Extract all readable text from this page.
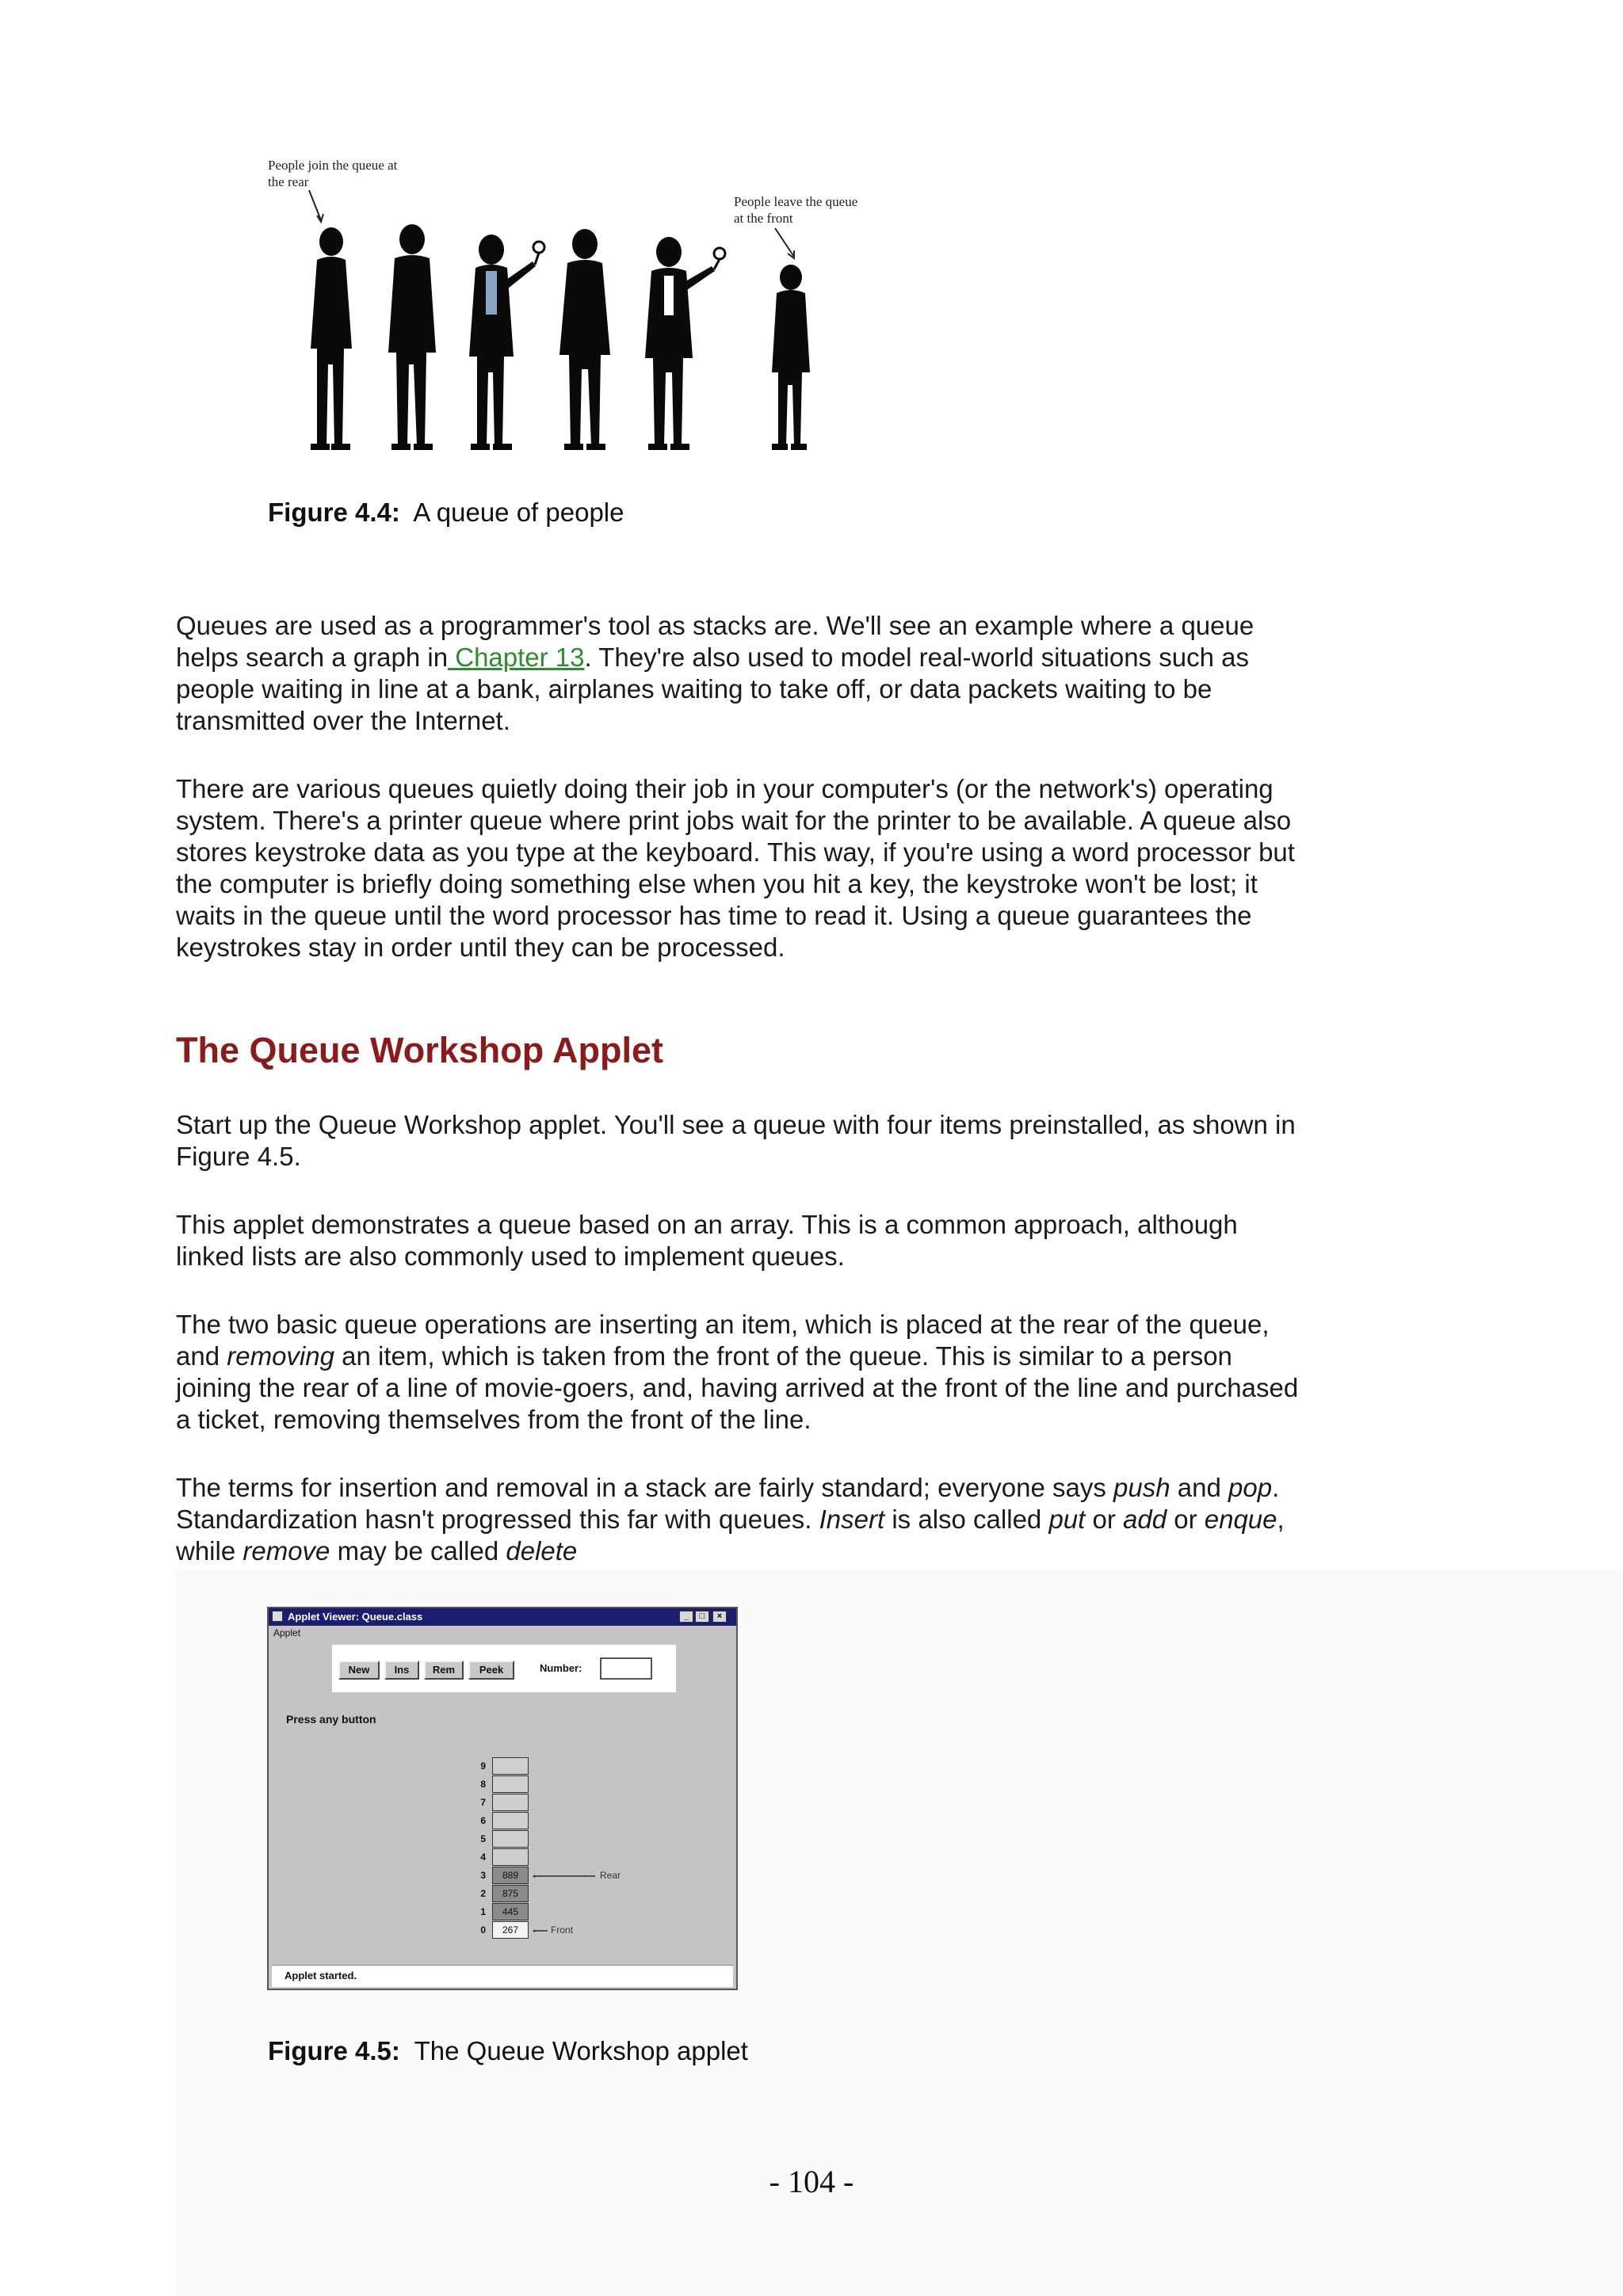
People join the queue at the rear
People leave the queue at the front
Figure 4.4: A queue of people

Queues are used as a programmer's tool as stacks are. We'll see an example where a queue helps search a graph in Chapter 13. They're also used to model real-world situations such as people waiting in line at a bank, airplanes waiting to take off, or data packets waiting to be transmitted over the Internet.

There are various queues quietly doing their job in your computer's (or the network's) operating system. There's a printer queue where print jobs wait for the printer to be available. A queue also stores keystroke data as you type at the keyboard. This way, if you're using a word processor but the computer is briefly doing something else when you hit a key, the keystroke won't be lost; it waits in the queue until the word processor has time to read it. Using a queue guarantees the keystrokes stay in order until they can be processed.

The Queue Workshop Applet

Start up the Queue Workshop applet. You'll see a queue with four items preinstalled, as shown in Figure 4.5.

This applet demonstrates a queue based on an array. This is a common approach, although linked lists are also commonly used to implement queues.

The two basic queue operations are inserting an item, which is placed at the rear of the queue, and removing an item, which is taken from the front of the queue. This is similar to a person joining the rear of a line of movie-goers, and, having arrived at the front of the line and purchased a ticket, removing themselves from the front of the line.

The terms for insertion and removal in a stack are fairly standard; everyone says push and pop. Standardization hasn't progressed this far with queues. Insert is also called put or add or enque, while remove may be called delete

Applet Viewer: Queue.class	_	□	×
Applet
New	Ins	Rem	Peek	Number:
Press any button
9
8
7
6
5
4
3	889
2	875
1	445
0	267
←	Rear
← Front
Applet started.
Figure 4.5: The Queue Workshop applet
- 104 -
